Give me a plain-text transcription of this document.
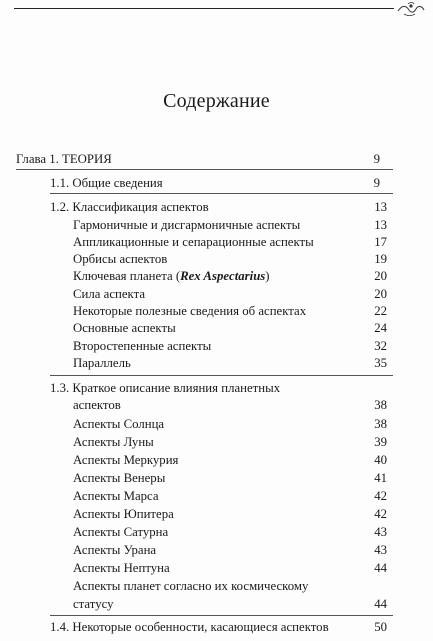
Содержание
Глава 1. ТЕОРИЯ	9
1.1. Общие сведения	9
1.2. Классификация аспектов	13
Гармоничные и дисгармоничные аспекты	13
Аппликационные и сепарационные аспекты	17
Орбисы аспектов	19
Ключевая планета (Rex Aspectarius)	20
Сила аспекта	20
Некоторые полезные сведения об аспектах	22
Основные аспекты	24
Второстепенные аспекты	32
Параллель	35
1.3. Краткое описание влияния планетных
аспектов	38
Аспекты Солнца	38
Аспекты Луны	39
Аспекты Меркурия	40
Аспекты Венеры	41
Аспекты Марса	42
Аспекты Юпитера	42
Аспекты Сатурна	43
Аспекты Урана	43
Аспекты Нептуна	44
Аспекты планет согласно их космическому
статусу	44
1.4. Некоторые особенности, касающиеся аспектов	50
